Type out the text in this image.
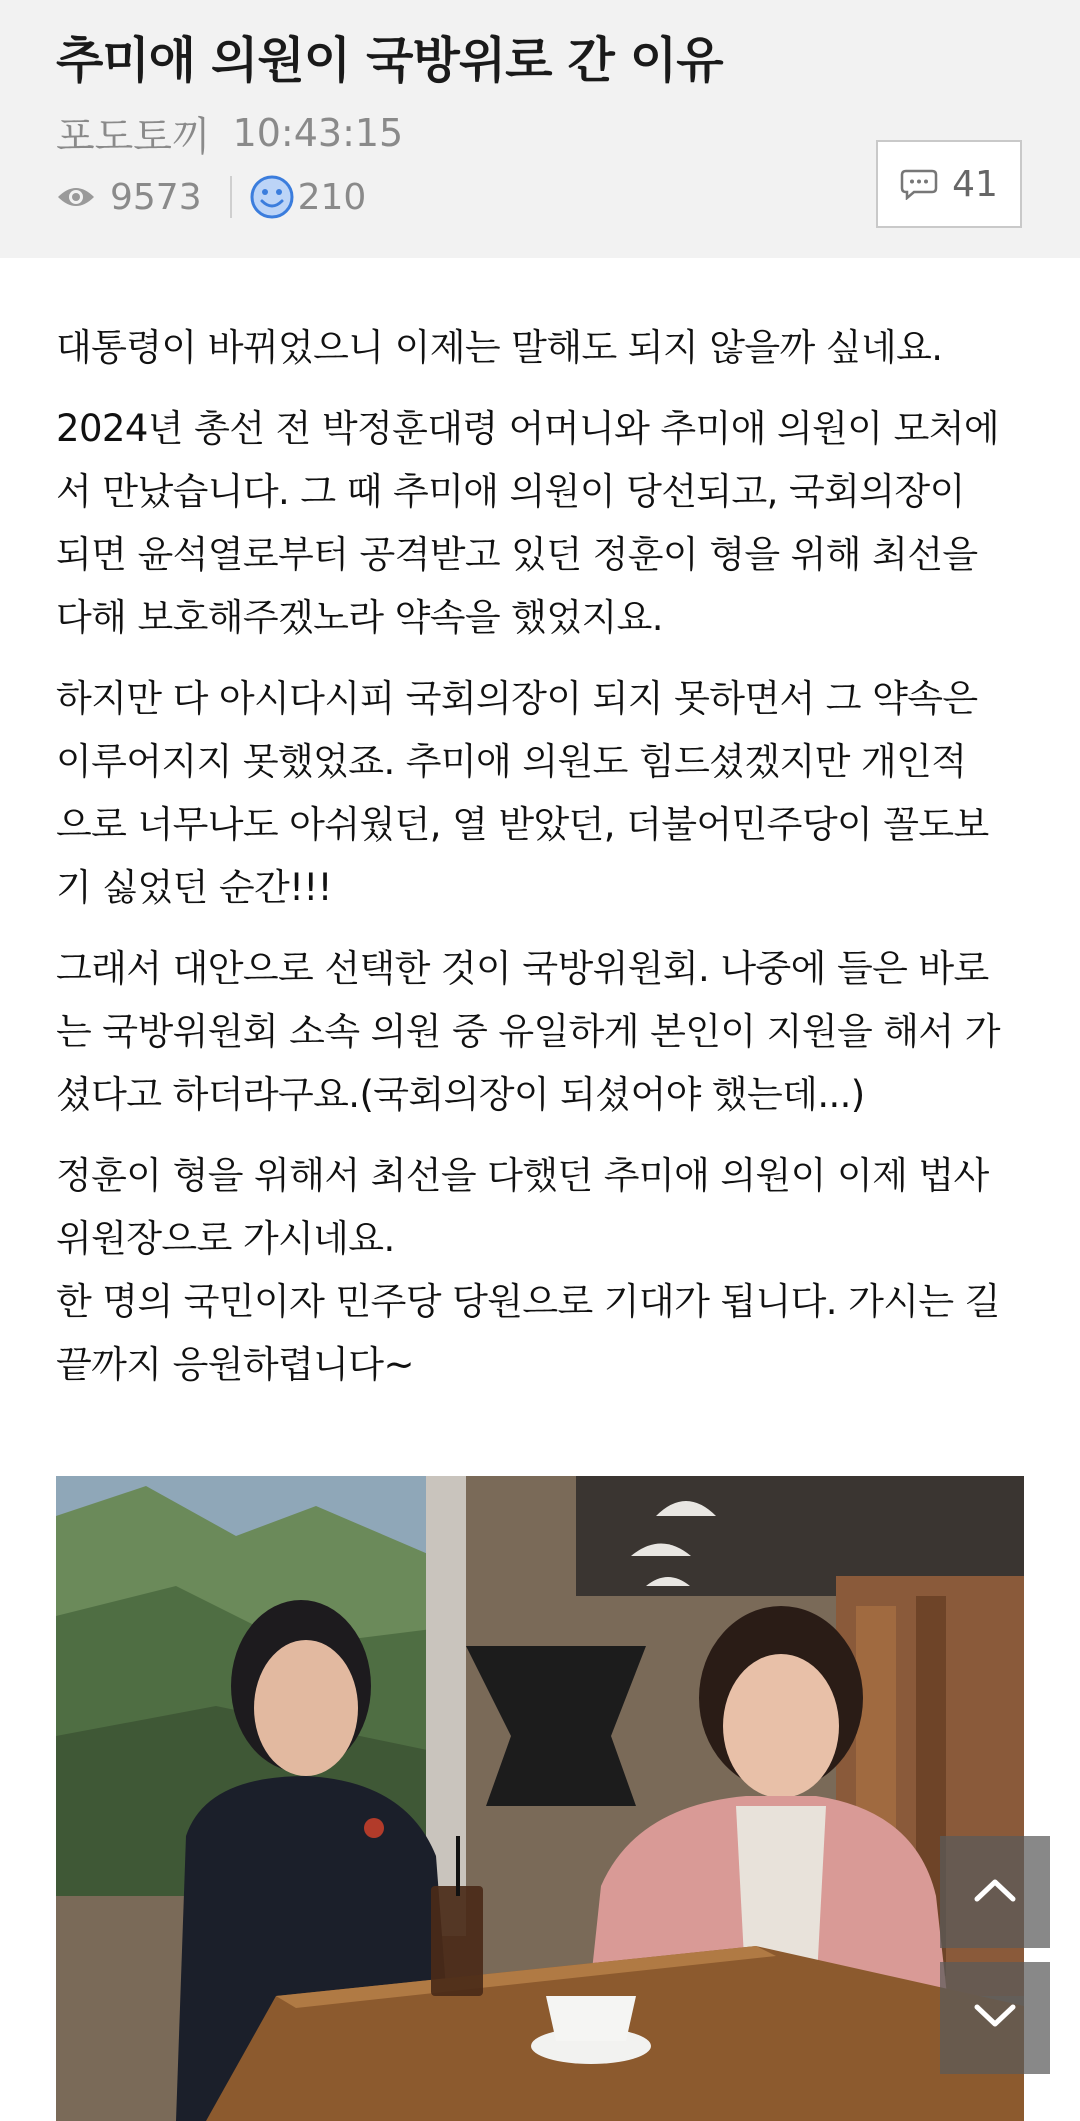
추미애 의원이 국방위로 간 이유
포도토끼 10:43:15
9573	210	41

대통령이 바뀌었으니 이제는 말해도 되지 않을까 싶네요.

2024년 총선 전 박정훈대령 어머니와 추미애 의원이 모처에
서 만났습니다. 그 때 추미애 의원이 당선되고, 국회의장이
되면 윤석열로부터 공격받고 있던 정훈이 형을 위해 최선을
다해 보호해주겠노라 약속을 했었지요.

하지만 다 아시다시피 국회의장이 되지 못하면서 그 약속은
이루어지지 못했었죠. 추미애 의원도 힘드셨겠지만 개인적
으로 너무나도 아쉬웠던, 열 받았던, 더불어민주당이 꼴도보
기 싫었던 순간!!!

그래서 대안으로 선택한 것이 국방위원회. 나중에 들은 바로
는 국방위원회 소속 의원 중 유일하게 본인이 지원을 해서 가
셨다고 하더라구요.(국회의장이 되셨어야 했는데...)

정훈이 형을 위해서 최선을 다했던 추미애 의원이 이제 법사
위원장으로 가시네요.
한 명의 국민이자 민주당 당원으로 기대가 됩니다. 가시는 길
끝까지 응원하렵니다~
